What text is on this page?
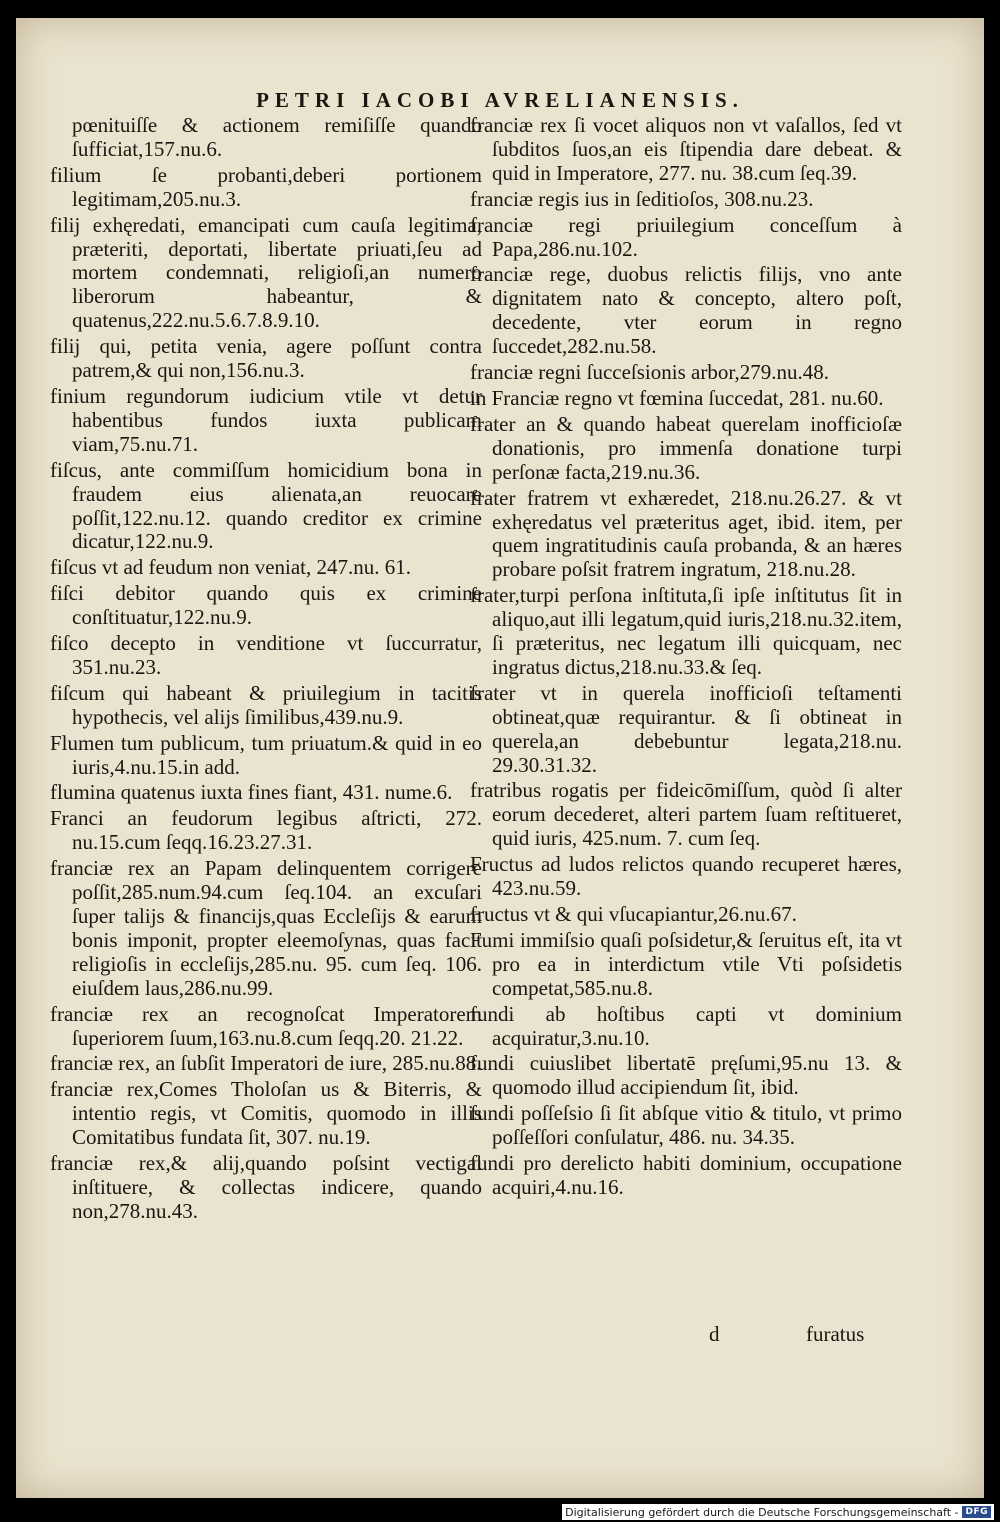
PETRI IACOBI AVRELIANENSIS.

pœnituiſſe & actionem remiſiſſe quando ſufficiat,157.nu.6.

filium ſe probanti,deberi portionem legitimam,205.nu.3.

filij exhęredati, emancipati cum cauſa legitima, præteriti, deportati, libertate priuati,ſeu ad mortem condemnati, religioſi,an numero liberorum habeantur, & quatenus,222.nu.5.6.7.8.9.10.

filij qui, petita venia, agere poſſunt contra patrem,& qui non,156.nu.3.

finium regundorum iudicium vtile vt detur habentibus fundos iuxta publicam viam,75.nu.71.

fiſcus, ante commiſſum homicidium bona in fraudem eius alienata,an reuocare poſſit,122.nu.12. quando creditor ex crimine dicatur,122.nu.9.

fiſcus vt ad feudum non veniat, 247.nu. 61.

fiſci debitor quando quis ex crimine conſtituatur,122.nu.9.

fiſco decepto in venditione vt ſuccurratur, 351.nu.23.

fiſcum qui habeant & priuilegium in tacitis hypothecis, vel alijs ſimilibus,439.nu.9.

Flumen tum publicum, tum priuatum.& quid in eo iuris,4.nu.15.in add.

flumina quatenus iuxta fines fiant, 431. nume.6.

Franci an feudorum legibus aſtricti, 272. nu.15.cum ſeqq.16.23.27.31.

franciæ rex an Papam delinquentem corrigere poſſit,285.num.94.cum ſeq.104. an excuſari ſuper talijs & financijs,quas Eccleſijs & earum bonis imponit, propter eleemoſynas, quas facit religioſis in eccleſijs,285.nu. 95. cum ſeq. 106. eiuſdem laus,286.nu.99.

franciæ rex an recognoſcat Imperatorem ſuperiorem ſuum,163.nu.8.cum ſeqq.20. 21.22.

franciæ rex, an ſubſit Imperatori de iure, 285.nu.88.

franciæ rex,Comes Tholoſan us & Biterris, & intentio regis, vt Comitis, quomodo in illis Comitatibus fundata ſit, 307. nu.19.

franciæ rex,& alij,quando poſsint vectigal inſtituere, & collectas indicere, quando non,278.nu.43.

franciæ rex ſi vocet aliquos non vt vaſallos, ſed vt ſubditos ſuos,an eis ſtipendia dare debeat. & quid in Imperatore, 277. nu. 38.cum ſeq.39.

franciæ regis ius in ſeditioſos, 308.nu.23.

franciæ regi priuilegium conceſſum à Papa,286.nu.102.

franciæ rege, duobus relictis filijs, vno ante dignitatem nato & concepto, altero poſt, decedente, vter eorum in regno ſuccedet,282.nu.58.

franciæ regni ſucceſsionis arbor,279.nu.48.

in Franciæ regno vt fœmina ſuccedat, 281. nu.60.

frater an & quando habeat querelam inofficioſæ donationis, pro immenſa donatione turpi perſonæ facta,219.nu.36.

frater fratrem vt exhæredet, 218.nu.26.27. & vt exhęredatus vel præteritus aget, ibid. item, per quem ingratitudinis cauſa probanda, & an hæres probare poſsit fratrem ingratum, 218.nu.28.

frater,turpi perſona inſtituta,ſi ipſe inſtitutus ſit in aliquo,aut illi legatum,quid iuris,218.nu.32.item, ſi præteritus, nec legatum illi quicquam, nec ingratus dictus,218.nu.33.& ſeq.

frater vt in querela inofficioſi teſtamenti obtineat,quæ requirantur. & ſi obtineat in querela,an debebuntur legata,218.nu. 29.30.31.32.

fratribus rogatis per fideicōmiſſum, quòd ſi alter eorum decederet, alteri partem ſuam reſtitueret, quid iuris, 425.num. 7. cum ſeq.

Fructus ad ludos relictos quando recuperet hæres, 423.nu.59.

fructus vt & qui vſucapiantur,26.nu.67.

Fumi immiſsio quaſi poſsidetur,& ſeruitus eſt, ita vt pro ea in interdictum vtile Vti poſsidetis competat,585.nu.8.

fundi ab hoſtibus capti vt dominium acquiratur,3.nu.10.

fundi cuiuslibet libertatē pręſumi,95.nu 13. & quomodo illud accipiendum ſit, ibid.

fundi poſſeſsio ſi ſit abſque vitio & titulo, vt primo poſſeſſori conſulatur, 486. nu. 34.35.

fundi pro derelicto habiti dominium, occupatione acquiri,4.nu.16.

d	furatus
Digitalisierung gefördert durch die Deutsche Forschungsgemeinschaft - DFG
